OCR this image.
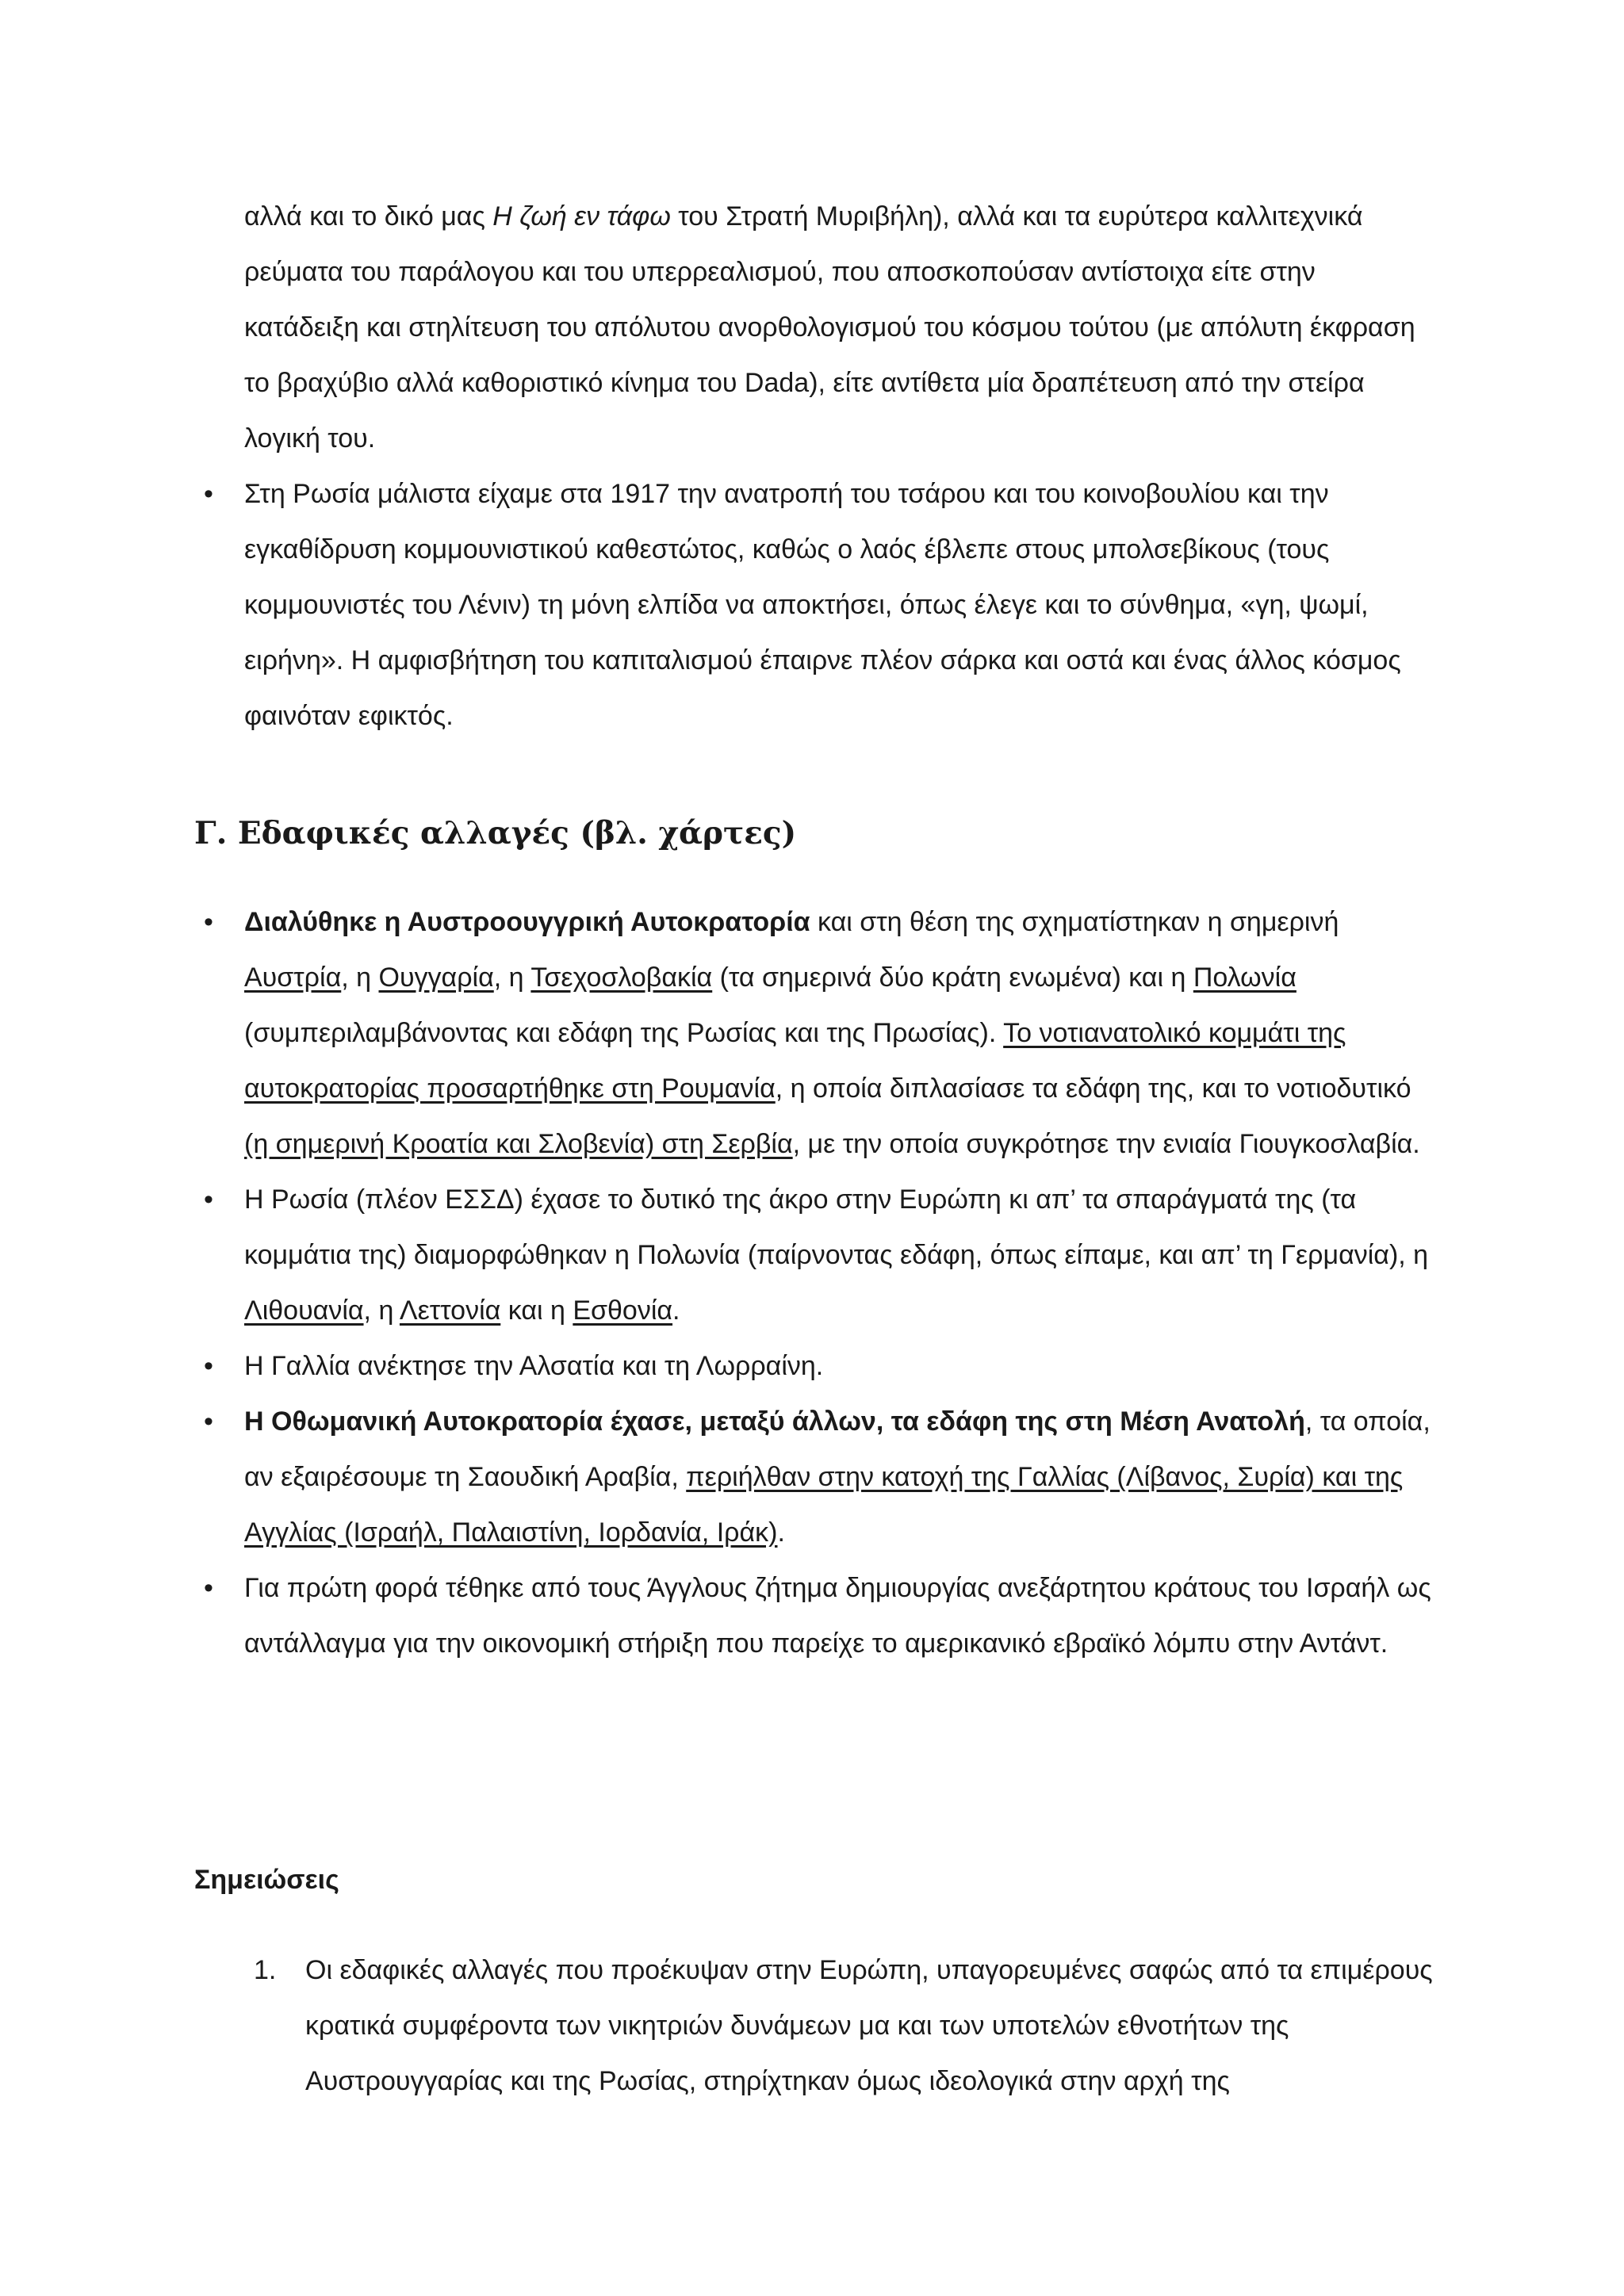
αλλά και το δικό μας Η ζωή εν τάφω του Στρατή Μυριβήλη), αλλά και τα ευρύτερα καλλιτεχνικά ρεύματα του παράλογου και του υπερρεαλισμού, που αποσκοπούσαν αντίστοιχα είτε στην κατάδειξη και στηλίτευση του απόλυτου ανορθολογισμού του κόσμου τούτου (με απόλυτη έκφραση το βραχύβιο αλλά καθοριστικό κίνημα του Dada), είτε αντίθετα μία δραπέτευση από την στείρα λογική του.

• Στη Ρωσία μάλιστα είχαμε στα 1917 την ανατροπή του τσάρου και του κοινοβουλίου και την εγκαθίδρυση κομμουνιστικού καθεστώτος, καθώς ο λαός έβλεπε στους μπολσεβίκους (τους κομμουνιστές του Λένιν) τη μόνη ελπίδα να αποκτήσει, όπως έλεγε και το σύνθημα, «γη, ψωμί, ειρήνη». Η αμφισβήτηση του καπιταλισμού έπαιρνε πλέον σάρκα και οστά και ένας άλλος κόσμος φαινόταν εφικτός.
Γ. Εδαφικές αλλαγές (βλ. χάρτες)
• Διαλύθηκε η Αυστροουγγρική Αυτοκρατορία και στη θέση της σχηματίστηκαν η σημερινή Αυστρία, η Ουγγαρία, η Τσεχοσλοβακία (τα σημερινά δύο κράτη ενωμένα) και η Πολωνία (συμπεριλαμβάνοντας και εδάφη της Ρωσίας και της Πρωσίας). Το νοτιανατολικό κομμάτι της αυτοκρατορίας προσαρτήθηκε στη Ρουμανία, η οποία διπλασίασε τα εδάφη της, και το νοτιοδυτικό (η σημερινή Κροατία και Σλοβενία) στη Σερβία, με την οποία συγκρότησε την ενιαία Γιουγκοσλαβία.
• Η Ρωσία (πλέον ΕΣΣΔ) έχασε το δυτικό της άκρο στην Ευρώπη κι απ’ τα σπαράγματά της (τα κομμάτια της) διαμορφώθηκαν η Πολωνία (παίρνοντας εδάφη, όπως είπαμε, και απ’ τη Γερμανία), η Λιθουανία, η Λεττονία και η Εσθονία.
• Η Γαλλία ανέκτησε την Αλσατία και τη Λωρραίνη.
• Η Οθωμανική Αυτοκρατορία έχασε, μεταξύ άλλων, τα εδάφη της στη Μέση Ανατολή, τα οποία, αν εξαιρέσουμε τη Σαουδική Αραβία, περιήλθαν στην κατοχή της Γαλλίας (Λίβανος, Συρία) και της Αγγλίας (Ισραήλ, Παλαιστίνη, Ιορδανία, Ιράκ).
• Για πρώτη φορά τέθηκε από τους Άγγλους ζήτημα δημιουργίας ανεξάρτητου κράτους του Ισραήλ ως αντάλλαγμα για την οικονομική στήριξη που παρείχε το αμερικανικό εβραϊκό λόμπυ στην Αντάντ.

Σημειώσεις

1. Οι εδαφικές αλλαγές που προέκυψαν στην Ευρώπη, υπαγορευμένες σαφώς από τα επιμέρους κρατικά συμφέροντα των νικητριών δυνάμεων μα και των υποτελών εθνοτήτων της Αυστρουγγαρίας και της Ρωσίας, στηρίχτηκαν όμως ιδεολογικά στην αρχή της
